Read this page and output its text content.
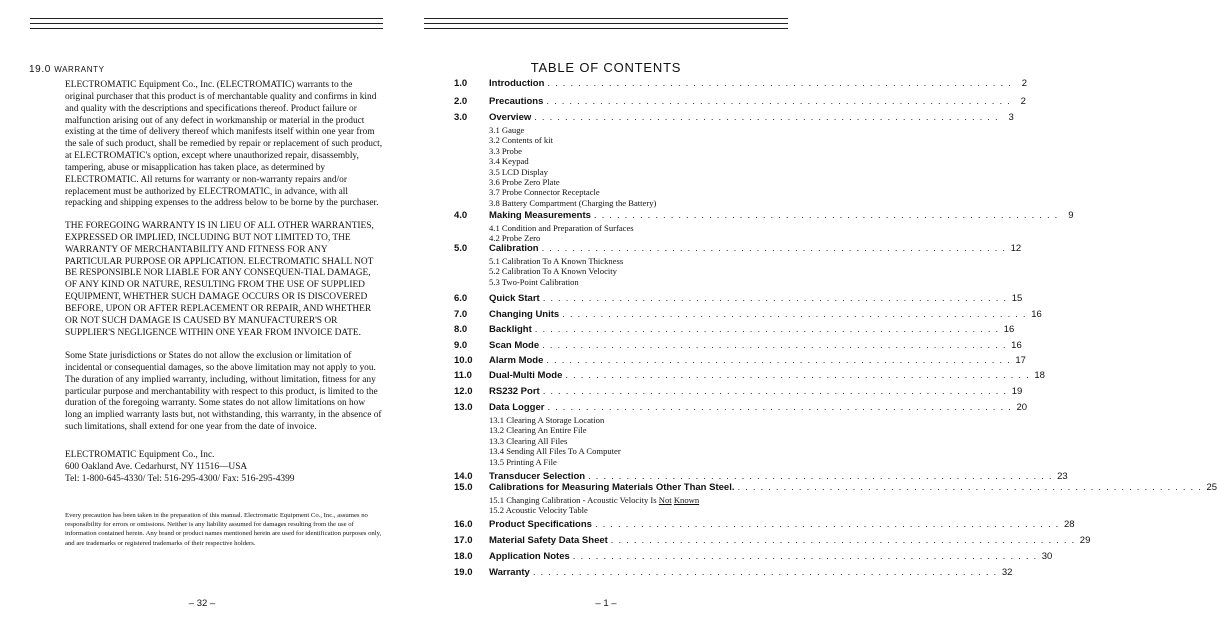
19.0 WARRANTY

ELECTROMATIC Equipment Co., Inc. (ELECTROMATIC) warrants to the original purchaser that this product is of merchantable quality and confirms in kind and quality with the descriptions and specifications thereof. Product failure or malfunction arising out of any defect in workmanship or material in the product existing at the time of delivery thereof which manifests itself within one year from the sale of such product, shall be remedied by repair or replacement of such product, at ELECTROMATIC's option, except where unauthorized repair, disassembly, tampering, abuse or misapplication has taken place, as determined by ELECTROMATIC. All returns for warranty or non-warranty repairs and/or replacement must be authorized by ELECTROMATIC, in advance, with all repacking and shipping expenses to the address below to be borne by the purchaser.

THE FOREGOING WARRANTY IS IN LIEU OF ALL OTHER WARRANTIES, EXPRESSED OR IMPLIED, INCLUDING BUT NOT LIMITED TO, THE WARRANTY OF MERCHANTABILITY AND FITNESS FOR ANY PARTICULAR PURPOSE OR APPLICATION. ELECTROMATIC SHALL NOT BE RESPONSIBLE NOR LIABLE FOR ANY CONSEQUEN-TIAL DAMAGE, OF ANY KIND OR NATURE, RESULTING FROM THE USE OF SUPPLIED EQUIPMENT, WHETHER SUCH DAMAGE OCCURS OR IS DISCOVERED BEFORE, UPON OR AFTER REPLACEMENT OR REPAIR, AND WHETHER OR NOT SUCH DAMAGE IS CAUSED BY MANUFACTURER'S OR SUPPLIER'S NEGLIGENCE WITHIN ONE YEAR FROM INVOICE DATE.

Some State jurisdictions or States do not allow the exclusion or limitation of incidental or consequential damages, so the above limitation may not apply to you. The duration of any implied warranty, including, without limitation, fitness for any particular purpose and merchantability with respect to this product, is limited to the duration of the foregoing warranty. Some states do not allow limitations on how long an implied warranty lasts but, not withstanding, this warranty, in the absence of such limitations, shall extend for one year from the date of invoice.

ELECTROMATIC Equipment Co., Inc.
600 Oakland Ave. Cedarhurst, NY 11516—USA
Tel: 1-800-645-4330/ Tel: 516-295-4300/ Fax: 516-295-4399
Every precaution has been taken in the preparation of this manual. Electromatic Equipment Co., Inc., assumes no responsibility for errors or omissions. Neither is any liability assumed for damages resulting from the use of information contained herein. Any brand or product names mentioned herein are used for identification purposes only, and are trademarks or registered trademarks of their respective holders.
– 32 –
TABLE OF CONTENTS
1.0	Introduction . . . . . . . . . . . . . . . . . . . . . . . . . . . . . . . . . . . . . . . . . . . . . . . . . . . . . . . . . . . . .	2
2.0	Precautions . . . . . . . . . . . . . . . . . . . . . . . . . . . . . . . . . . . . . . . . . . . . . . . . . . . . . . . . . . . . .	2
3.0	Overview . . . . . . . . . . . . . . . . . . . . . . . . . . . . . . . . . . . . . . . . . . . . . . . . . . . . . . . . . . . . .	3
3.1 Gauge
3.2 Contents of kit
3.3 Probe
3.4 Keypad
3.5 LCD Display
3.6 Probe Zero Plate
3.7 Probe Connector Receptacle
3.8 Battery Compartment (Charging the Battery)
4.0	Making Measurements . . . . . . . . . . . . . . . . . . . . . . . . . . . . . . . . . . . . . . . . . . . . . . . . . . . . . . . . . . . . .	9
4.1 Condition and Preparation of Surfaces
4.2 Probe Zero
5.0	Calibration . . . . . . . . . . . . . . . . . . . . . . . . . . . . . . . . . . . . . . . . . . . . . . . . . . . . . . . . . . . . . 12
5.1 Calibration To A Known Thickness
5.2 Calibration To A Known Velocity
5.3 Two-Point Calibration
6.0	Quick Start . . . . . . . . . . . . . . . . . . . . . . . . . . . . . . . . . . . . . . . . . . . . . . . . . . . . . . . . . . . . . 15
7.0	Changing Units . . . . . . . . . . . . . . . . . . . . . . . . . . . . . . . . . . . . . . . . . . . . . . . . . . . . . . . . . . . . . 16
8.0	Backlight . . . . . . . . . . . . . . . . . . . . . . . . . . . . . . . . . . . . . . . . . . . . . . . . . . . . . . . . . . . . . 16
9.0	Scan Mode . . . . . . . . . . . . . . . . . . . . . . . . . . . . . . . . . . . . . . . . . . . . . . . . . . . . . . . . . . . . . 16
10.0	Alarm Mode . . . . . . . . . . . . . . . . . . . . . . . . . . . . . . . . . . . . . . . . . . . . . . . . . . . . . . . . . . . . . 17
11.0	Dual-Multi Mode . . . . . . . . . . . . . . . . . . . . . . . . . . . . . . . . . . . . . . . . . . . . . . . . . . . . . . . . . . . . . 18
12.0	RS232 Port . . . . . . . . . . . . . . . . . . . . . . . . . . . . . . . . . . . . . . . . . . . . . . . . . . . . . . . . . . . . . 19
13.0	Data Logger . . . . . . . . . . . . . . . . . . . . . . . . . . . . . . . . . . . . . . . . . . . . . . . . . . . . . . . . . . . . . 20
13.1 Clearing A Storage Location
13.2 Clearing An Entire File
13.3 Clearing All Files
13.4 Sending All Files To A Computer
13.5 Printing A File
14.0	Transducer Selection . . . . . . . . . . . . . . . . . . . . . . . . . . . . . . . . . . . . . . . . . . . . . . . . . . . . . . . . . . . . . 23
15.0	Calibrations for Measuring Materials Other Than Steel. . . . . . . . . . . . . . . . . . . . . . . . . . . . . . . . . . . . . . . . . . . . . . . . . . . . . . . . . . . . . . 25
15.1 Changing Calibration - Acoustic Velocity Is Not Known
15.2 Acoustic Velocity Table
16.0	Product Specifications . . . . . . . . . . . . . . . . . . . . . . . . . . . . . . . . . . . . . . . . . . . . . . . . . . . . . . . . . . . . . 28
17.0	Material Safety Data Sheet . . . . . . . . . . . . . . . . . . . . . . . . . . . . . . . . . . . . . . . . . . . . . . . . . . . . . . . . . . . . . 29
18.0	Application Notes . . . . . . . . . . . . . . . . . . . . . . . . . . . . . . . . . . . . . . . . . . . . . . . . . . . . . . . . . . . . . 30
19.0	Warranty . . . . . . . . . . . . . . . . . . . . . . . . . . . . . . . . . . . . . . . . . . . . . . . . . . . . . . . . . . . . . 32
– 1 –
